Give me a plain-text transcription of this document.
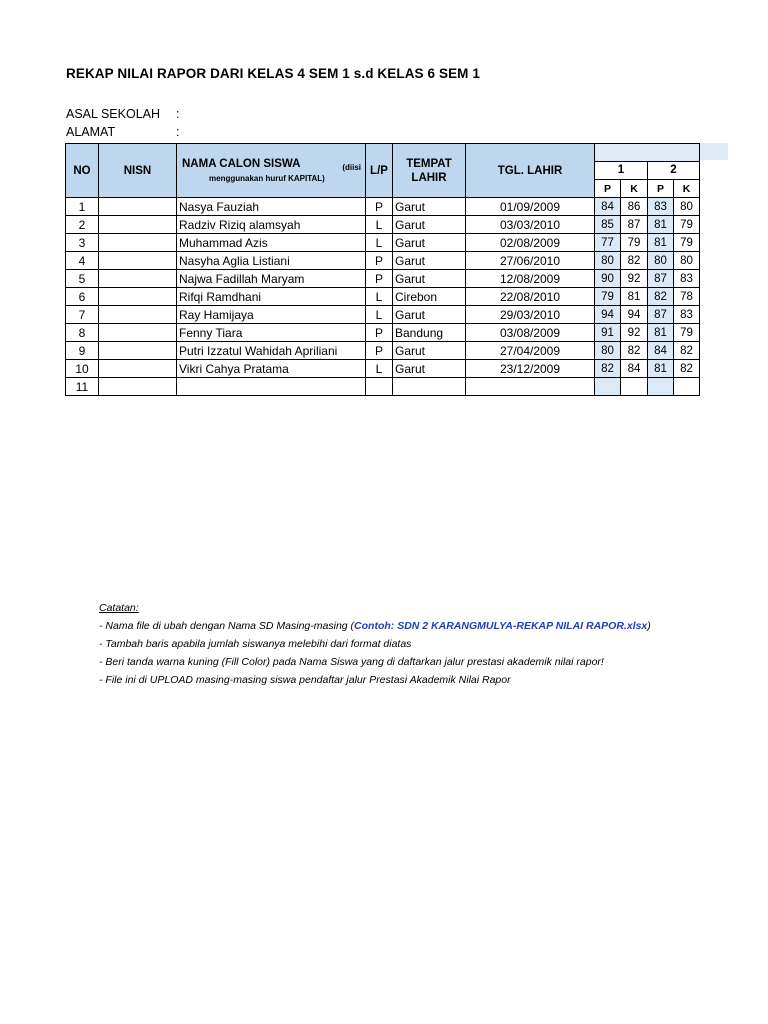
REKAP NILAI RAPOR DARI KELAS 4 SEM 1 s.d KELAS 6 SEM 1
ASAL SEKOLAH :
ALAMAT	:
NO	NISN	NAMA CALON SISWA (diisi
menggunakan huruf KAPITAL)	L/P	TEMPAT LAHIR	TGL. LAHIR				
						1		2	
						P	K	P	K
1		Nasya Fauziah	P	Garut	01/09/2009	84	86	83	80
2		Radziv Riziq alamsyah	L	Garut	03/03/2010	85	87	81	79
3		Muhammad Azis	L	Garut	02/08/2009	77	79	81	79
4		Nasyha Aglia Listiani	P	Garut	27/06/2010	80	82	80	80
5		Najwa Fadillah Maryam	P	Garut	12/08/2009	90	92	87	83
6		Rifqi Ramdhani	L	Cirebon	22/08/2010	79	81	82	78
7		Ray Hamijaya	L	Garut	29/03/2010	94	94	87	83
8		Fenny Tiara	P	Bandung	03/08/2009	91	92	81	79
9		Putri Izzatul Wahidah Apriliani	P	Garut	27/04/2009	80	82	84	82
10		Vikri Cahya Pratama	L	Garut	23/12/2009	82	84	81	82
11									
Catatan:
- Nama file di ubah dengan Nama SD Masing-masing (Contoh: SDN 2 KARANGMULYA-REKAP NILAI RAPOR.xlsx)
- Tambah baris apabila jumlah siswanya melebihi dari format diatas
- Beri tanda warna kuning (Fill Color) pada Nama Siswa yang di daftarkan jalur prestasi akademik nilai rapor!
- File ini di UPLOAD masing-masing siswa pendaftar jalur Prestasi Akademik Nilai Rapor
